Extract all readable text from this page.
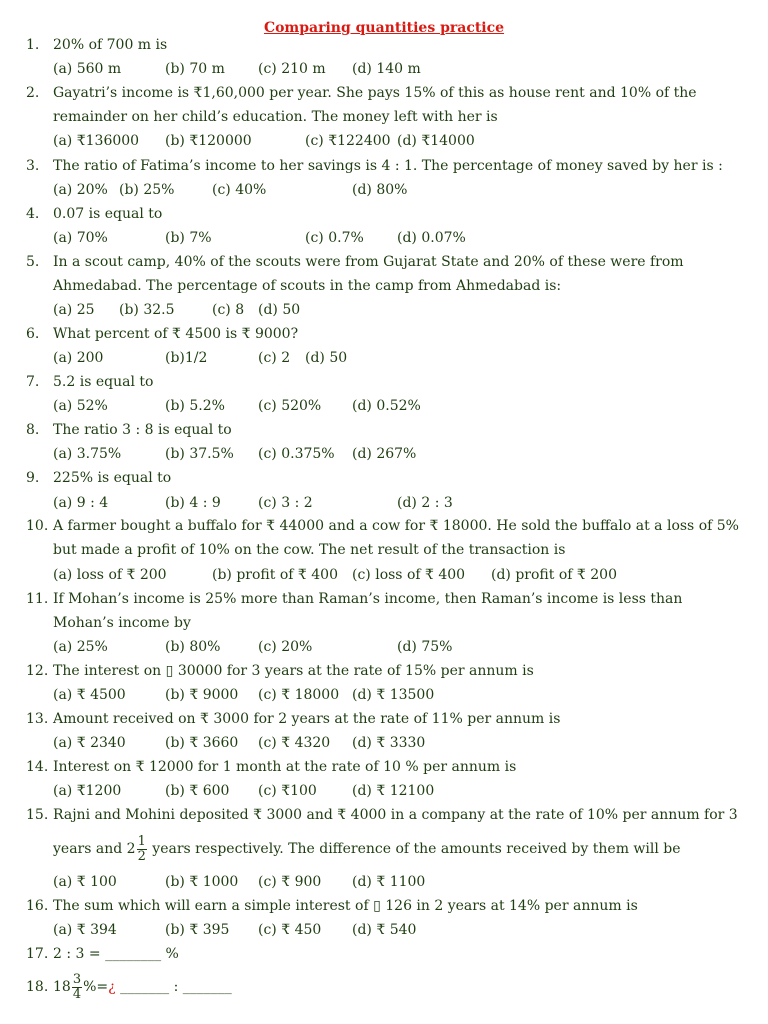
Comparing quantities practice
1. 20% of 700 m is
(a) 560 m	(b) 70 m (c) 210 m (d) 140 m
2. Gayatri’s income is ₹1,60,000 per year. She pays 15% of this as house rent and 10% of the
remainder on her child’s education. The money left with her is
(a) ₹136000 (b) ₹120000	(c) ₹122400 (d) ₹14000
3. The ratio of Fatima’s income to her savings is 4 : 1. The percentage of money saved by her is :
(a) 20% (b) 25%	(c) 40%	(d) 80%
4. 0.07 is equal to
(a) 70%	(b) 7%	(c) 0.7% (d) 0.07%
5. In a scout camp, 40% of the scouts were from Gujarat State and 20% of these were from
Ahmedabad. The percentage of scouts in the camp from Ahmedabad is:
(a) 25 (b) 32.5	(c) 8 (d) 50
6. What percent of ₹ 4500 is ₹ 9000?
(a) 200	(b)1/2	(c) 2 (d) 50
7. 5.2 is equal to
(a) 52%	(b) 5.2% (c) 520% (d) 0.52%
8. The ratio 3 : 8 is equal to
(a) 3.75%	(b) 37.5% (c) 0.375% (d) 267%
9. 225% is equal to
(a) 9 : 4	(b) 4 : 9	(c) 3 : 2	(d) 2 : 3
10. A farmer bought a buffalo for ₹ 44000 and a cow for ₹ 18000. He sold the buffalo at a loss of 5%
but made a profit of 10% on the cow. The net result of the transaction is
(a) loss of ₹ 200	(b) profit of ₹ 400 (c) loss of ₹ 400 (d) profit of ₹ 200
11. If Mohan’s income is 25% more than Raman’s income, then Raman’s income is less than
Mohan’s income by
(a) 25%	(b) 80%	(c) 20%	(d) 75%
12. The interest on ▯ 30000 for 3 years at the rate of 15% per annum is
(a) ₹ 4500	(b) ₹ 9000 (c) ₹ 18000 (d) ₹ 13500
13. Amount received on ₹ 3000 for 2 years at the rate of 11% per annum is
(a) ₹ 2340	(b) ₹ 3660 (c) ₹ 4320 (d) ₹ 3330
14. Interest on ₹ 12000 for 1 month at the rate of 10 % per annum is
(a) ₹1200	(b) ₹ 600 (c) ₹100	(d) ₹ 12100
15. Rajni and Mohini deposited ₹ 3000 and ₹ 4000 in a company at the rate of 10% per annum for 3
years and $2 \frac{1}{2}$ years respectively. The difference of the amounts received by them will be
(a) ₹ 100	(b) ₹ 1000 (c) ₹ 900 (d) ₹ 1100
16. The sum which will earn a simple interest of ▯ 126 in 2 years at 14% per annum is
(a) ₹ 394	(b) ₹ 395 (c) ₹ 450 (d) ₹ 540
17. 2 : 3 = ________ %
18. $18 \frac{3}{4}$ %=¿ _______ : _______
